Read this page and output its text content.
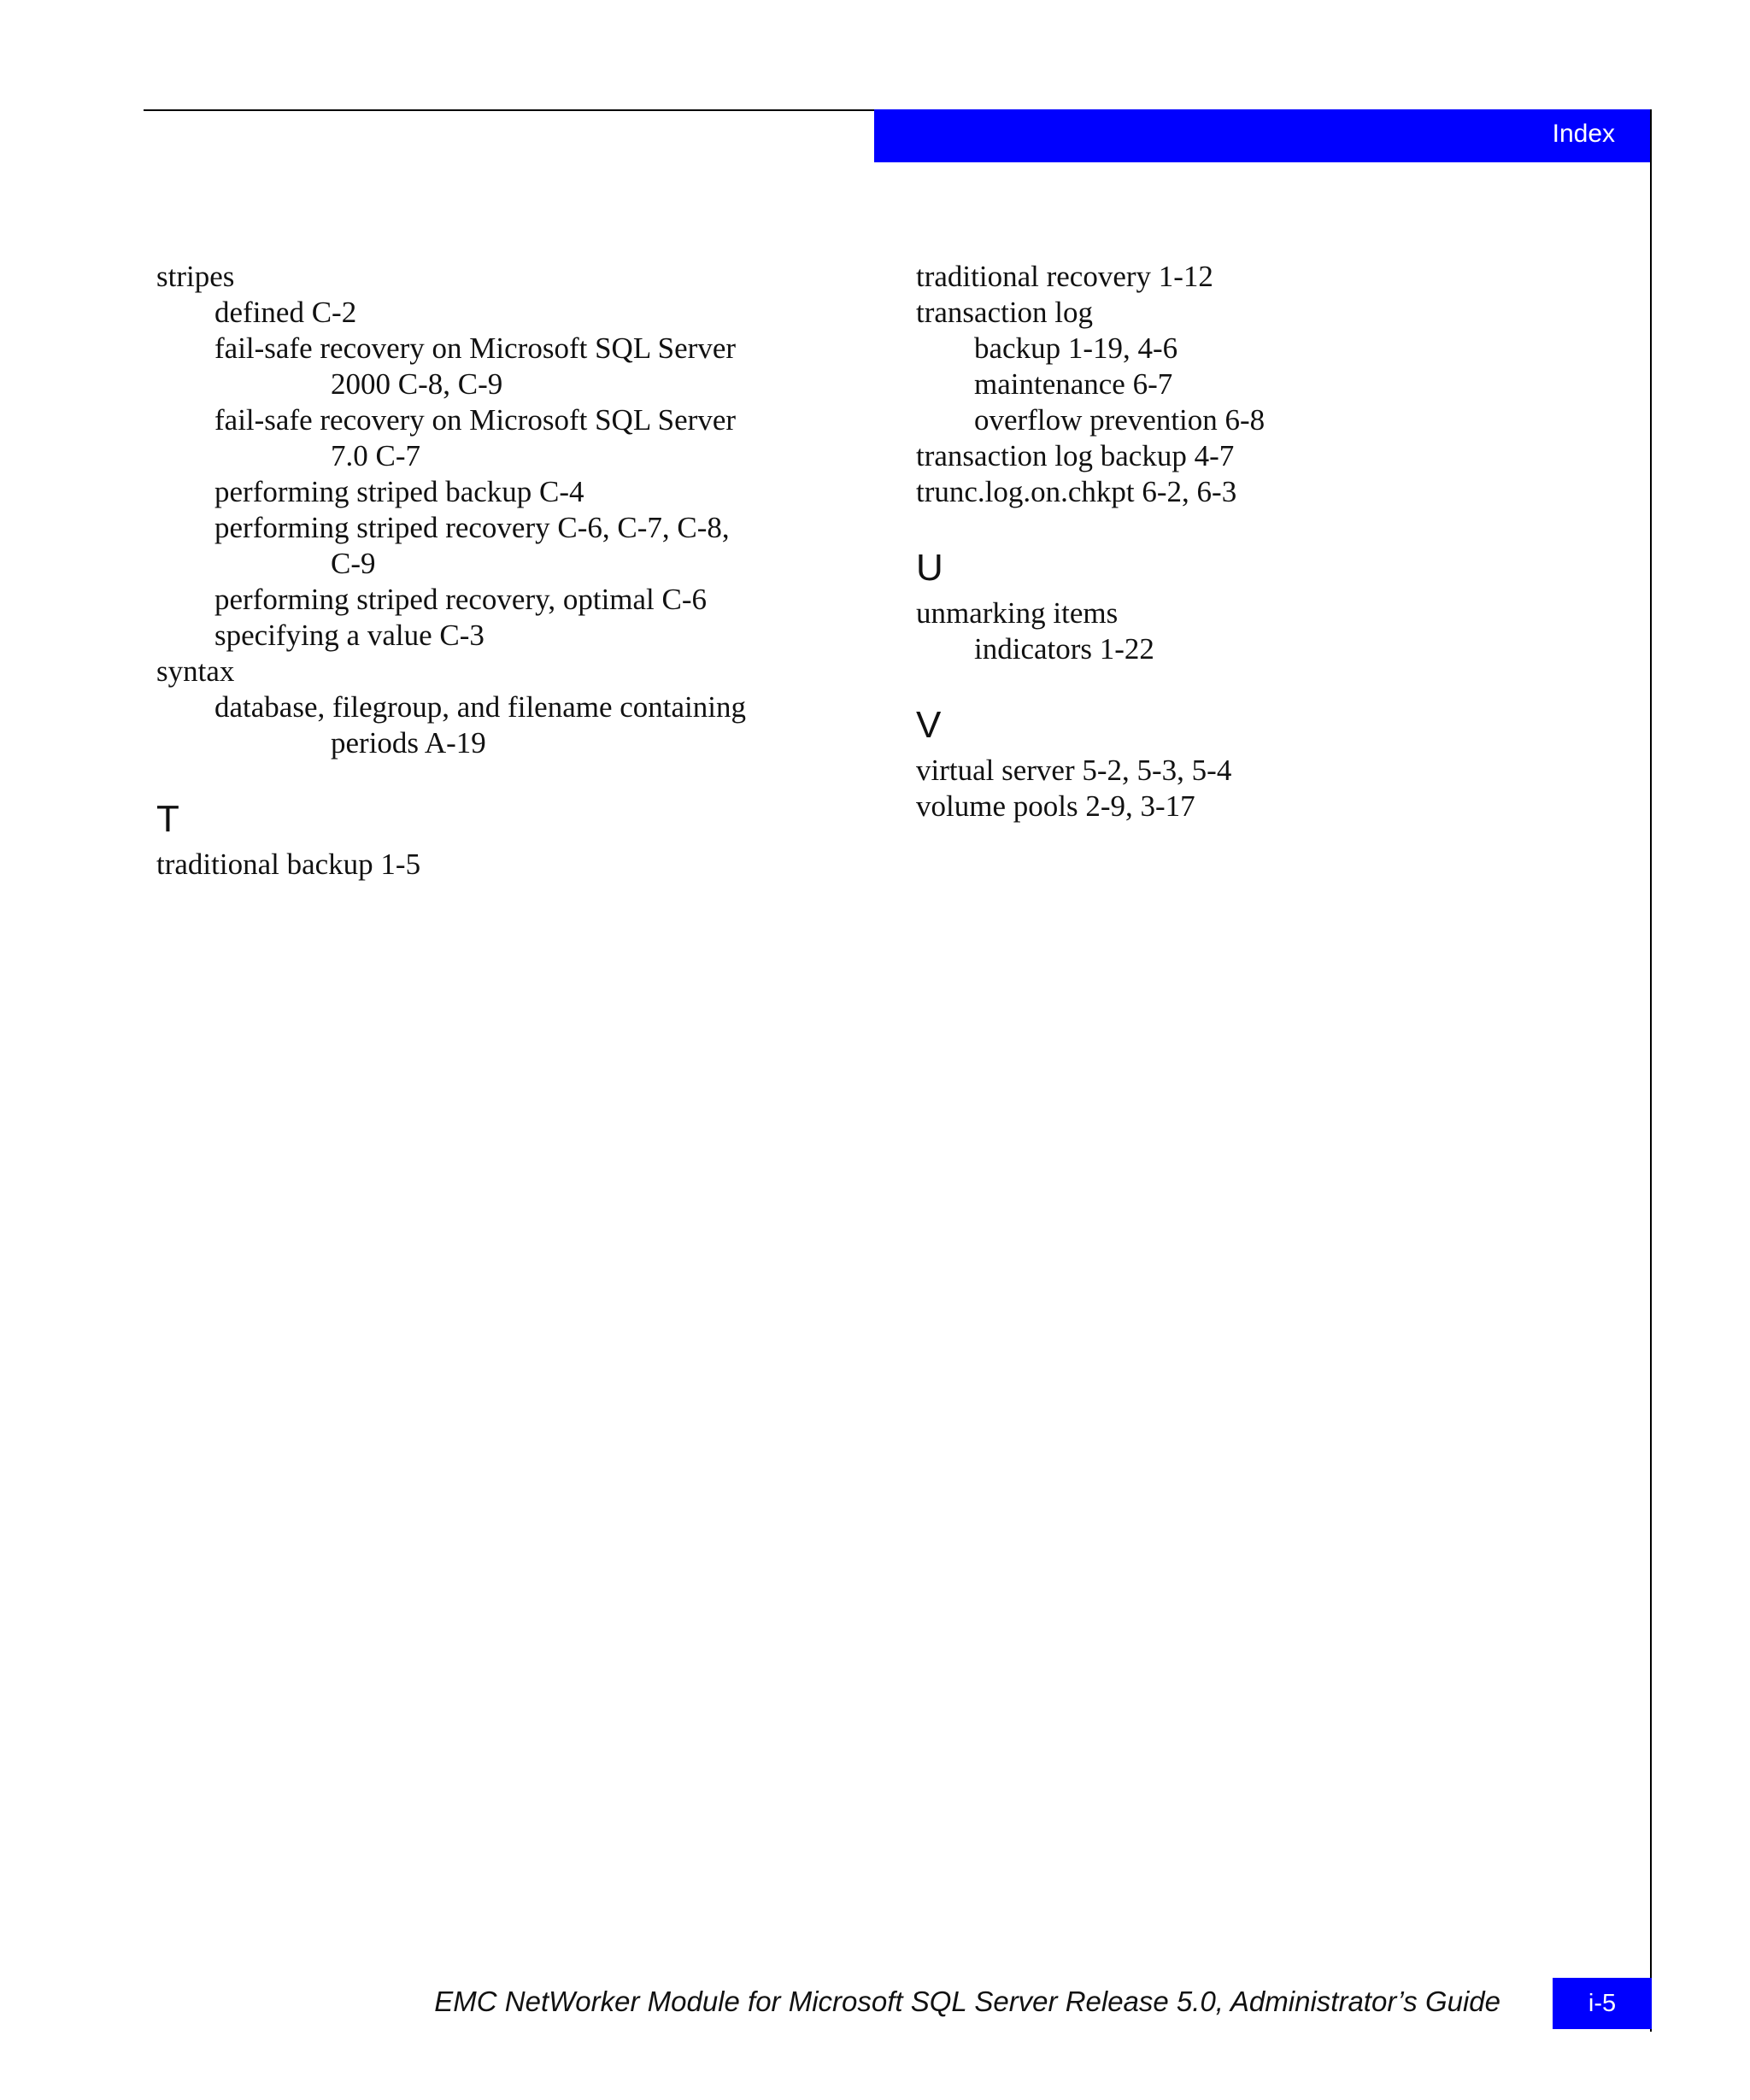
Index
stripes
defined C-2
fail-safe recovery on Microsoft SQL Server
2000 C-8, C-9
fail-safe recovery on Microsoft SQL Server
7.0 C-7
performing striped backup C-4
performing striped recovery C-6, C-7, C-8,
C-9
performing striped recovery, optimal C-6
specifying a value C-3
syntax
database, filegroup, and filename containing
periods A-19
T
traditional backup 1-5
traditional recovery 1-12
transaction log
backup 1-19, 4-6
maintenance 6-7
overflow prevention 6-8
transaction log backup 4-7
trunc.log.on.chkpt 6-2, 6-3
U
unmarking items
indicators 1-22
V
virtual server 5-2, 5-3, 5-4
volume pools 2-9, 3-17
EMC NetWorker Module for Microsoft SQL Server Release 5.0, Administrator’s Guide	i-5
